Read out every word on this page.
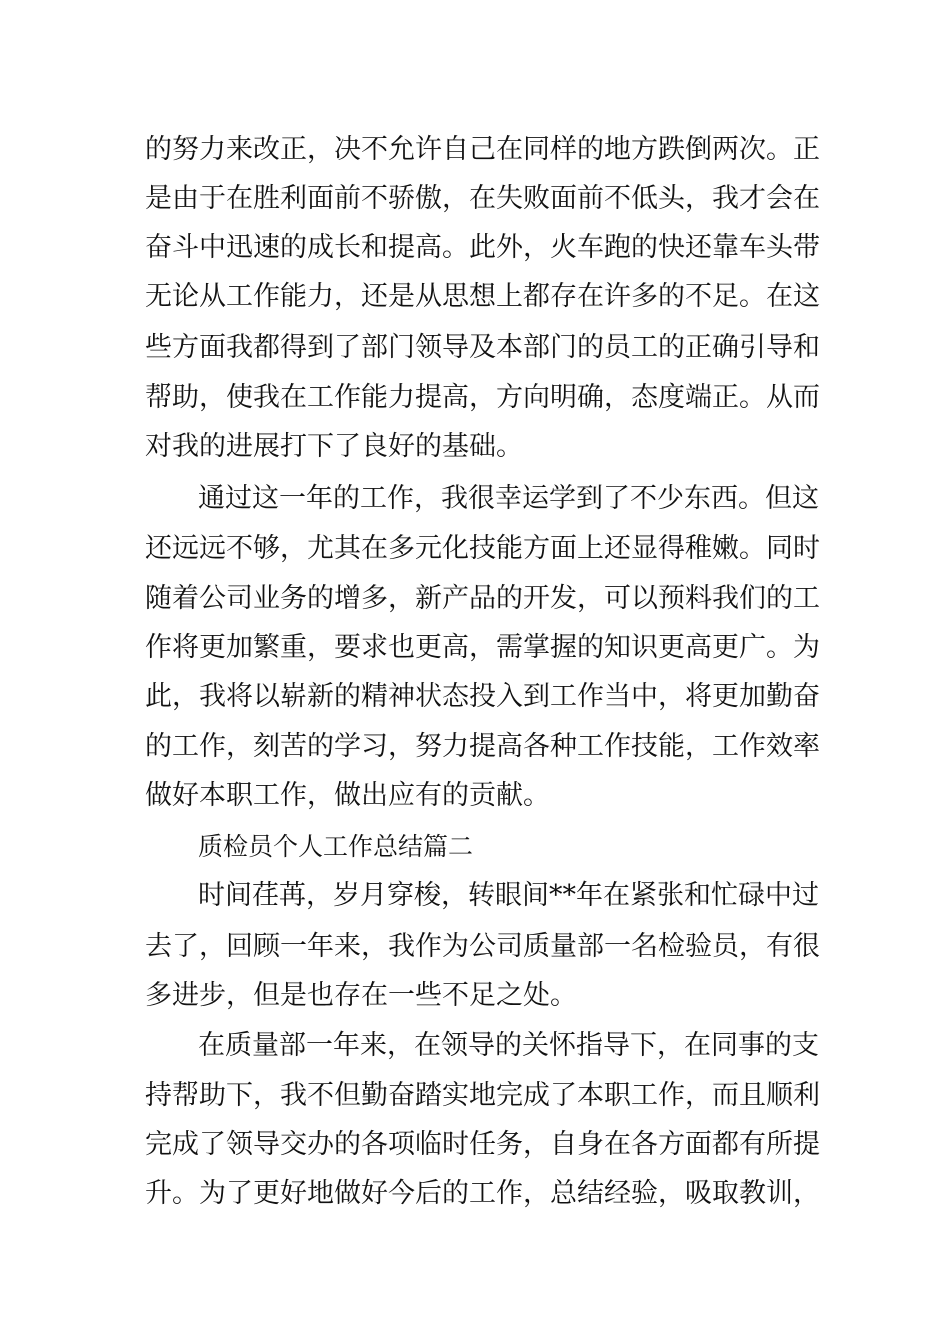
的努力来改正，决不允许自己在同样的地方跌倒两次。正
是由于在胜利面前不骄傲，在失败面前不低头，我才会在
奋斗中迅速的成长和提高。此外，火车跑的快还靠车头带
无论从工作能力，还是从思想上都存在许多的不足。在这
些方面我都得到了部门领导及本部门的员工的正确引导和
帮助，使我在工作能力提高，方向明确，态度端正。从而
对我的进展打下了良好的基础。
通过这一年的工作，我很幸运学到了不少东西。但这
还远远不够，尤其在多元化技能方面上还显得稚嫩。同时
随着公司业务的增多，新产品的开发，可以预料我们的工
作将更加繁重，要求也更高，需掌握的知识更高更广。为
此，我将以崭新的精神状态投入到工作当中，将更加勤奋
的工作，刻苦的学习，努力提高各种工作技能，工作效率
做好本职工作，做出应有的贡献。
质检员个人工作总结篇二
时间荏苒，岁月穿梭，转眼间**年在紧张和忙碌中过
去了，回顾一年来，我作为公司质量部一名检验员，有很
多进步，但是也存在一些不足之处。
在质量部一年来，在领导的关怀指导下，在同事的支
持帮助下，我不但勤奋踏实地完成了本职工作，而且顺利
完成了领导交办的各项临时任务，自身在各方面都有所提
升。为了更好地做好今后的工作，总结经验，吸取教训，
